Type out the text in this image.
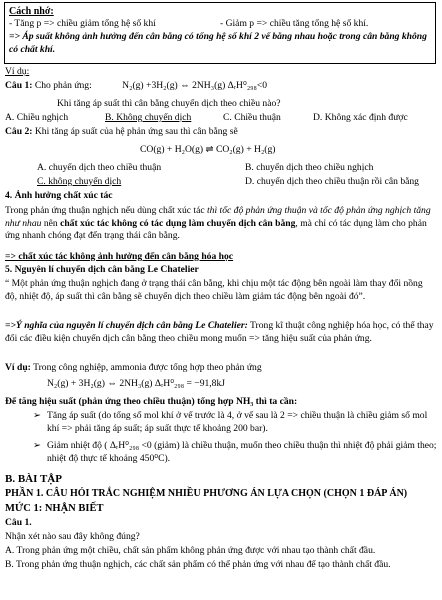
Cách nhớ:
- Tăng p => chiều giảm tổng hệ số khí	- Giảm p => chiều tăng tổng hệ số khí.
=> Áp suất không ảnh hưởng đến cân bằng có tổng hệ số khí 2 vế bằng nhau hoặc trong cân bằng không có chất khí.
Ví dụ:
Câu 1: Cho phản ứng:	N₂(g) +3H₂(g) ⇔ 2NH₃(g) ΔᵣH⁰₂₉₈<0
Khi tăng áp suất thì cân bằng chuyển dịch theo chiều nào?
A. Chiều nghịch	B. Không chuyển dịch	C. Chiều thuận	D. Không xác định được
Câu 2: Khi tăng áp suất của hệ phản ứng sau thì cân bằng sẽ
CO(g) + H₂O(g) ⇌ CO₂(g) + H₂(g)
A. chuyển dịch theo chiều thuận	B. chuyển dịch theo chiều nghịch
C. không chuyển dịch	D. chuyển dịch theo chiều thuận rồi cân bằng
4. Ảnh hưởng chất xúc tác
Trong phản ứng thuận nghịch nếu dùng chất xúc tác thì tốc độ phản ứng thuận và tốc độ phản ứng nghịch tăng như nhau nên chất xúc tác không có tác dụng làm chuyển dịch cân bằng, mà chỉ có tác dụng làm cho phản ứng nhanh chóng đạt đến trạng thái cân bằng.
=> chất xúc tác không ảnh hưởng đến cân bằng hóa học
5. Nguyên lí chuyển dịch cân bằng Le Chatelier
“ Một phản ứng thuận nghịch đang ở trạng thái cân bằng, khi chịu một tác động bên ngoài làm thay đổi nồng độ, nhiệt độ, áp suất thì cân bằng sẽ chuyển dịch theo chiều làm giảm tác động bên ngoài đó”.
=>Ý nghĩa của nguyên lí chuyển dịch cân bằng Le Chatelier: Trong kĩ thuật công nghiệp hóa học, có thể thay đổi các điều kiện chuyển dịch cân bằng theo chiều mong muốn => tăng hiệu suất của phản ứng.
Ví dụ: Trong công nghiệp, ammonia được tổng hợp theo phản ứng
N₂(g) + 3H₂(g) ⇔ 2NH₃(g) ΔᵣH⁰₂₉₈ = −91,8kJ
Để tăng hiệu suất (phản ứng theo chiều thuận) tổng hợp NH₃ thì ta cần:
➢ Tăng áp suất (do tổng số mol khí ở vế trước là 4, ở vế sau là 2 => chiều thuận là chiều giảm số mol khí => phải tăng áp suất; áp suất thực tế khoảng 200 bar).
➢ Giảm nhiệt độ ( ΔᵣH⁰₂₉₈ <0 (giảm) là chiều thuận, muốn theo chiều thuận thì nhiệt độ phải giảm theo; nhiệt độ thực tế khoảng 450⁰C).
B. BÀI TẬP
PHẦN 1. CÂU HỎI TRẮC NGHIỆM NHIỀU PHƯƠNG ÁN LỰA CHỌN (CHỌN 1 ĐÁP ÁN)
MỨC 1: NHẬN BIẾT
Câu 1.
Nhận xét nào sau đây không đúng?
A. Trong phản ứng một chiều, chất sản phẩm không phản ứng được với nhau tạo thành chất đầu.
B. Trong phản ứng thuận nghịch, các chất sản phẩm có thể phản ứng với nhau để tạo thành chất đầu.
